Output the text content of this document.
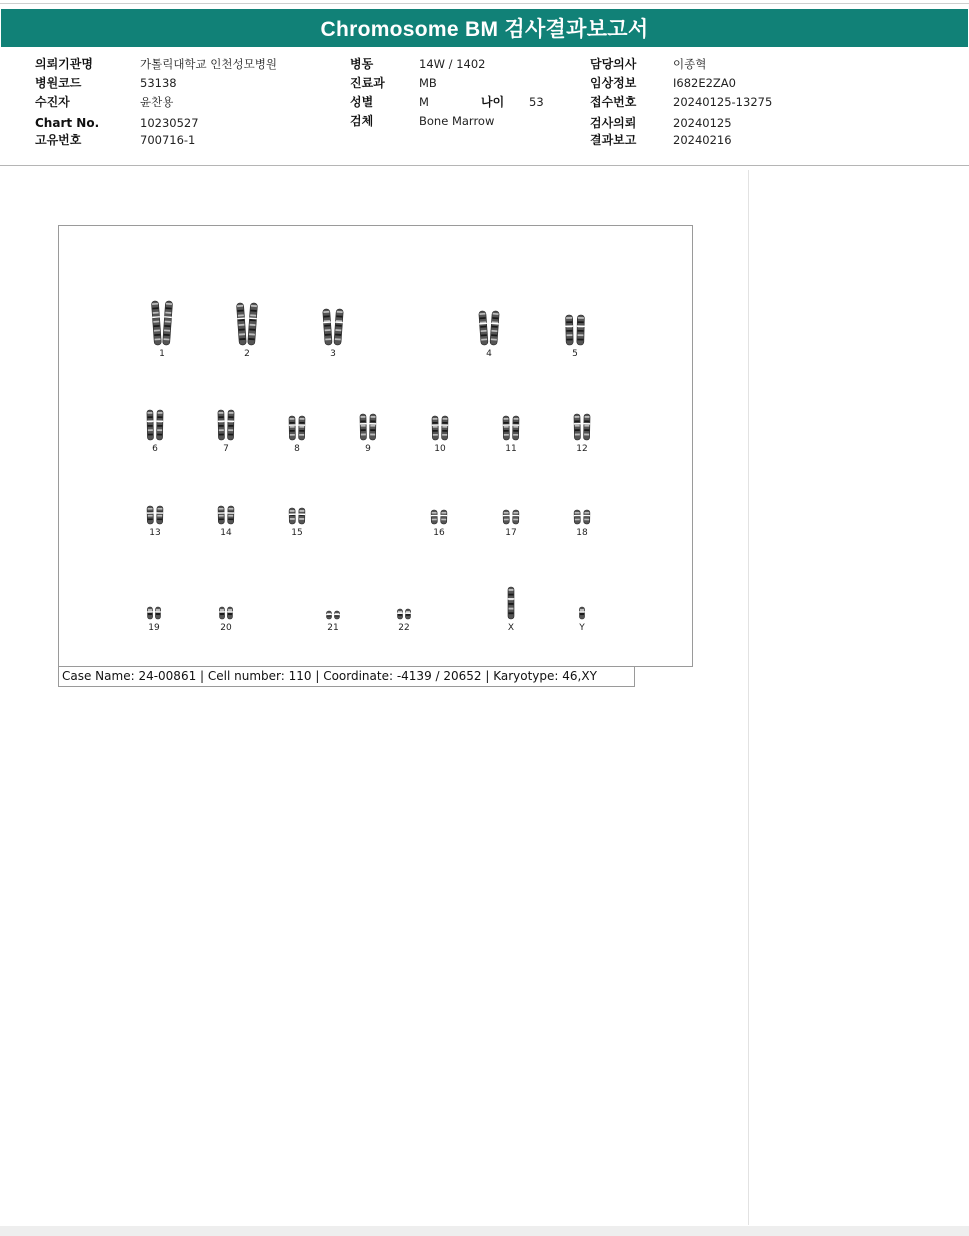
Chromosome BM 검사결과보고서
의뢰기관명	가톨릭대학교 인천성모병원
병원코드	53138
수진자	윤찬용
Chart No.	10230527
고유번호	700716-1
병동	14W / 1402
진료과	MB
성별	M	나이 53
검체	Bone Marrow
담당의사	이종혁
임상정보	I682E2ZA0
접수번호	20240125-13275
검사의뢰	20240125
결과보고	20240216
1	2	3	4	5
6	7	8	9	10	11	12
13	14	15	16	17	18
19	20	21	22	X	Y
Case Name: 24-00861 | Cell number: 110 | Coordinate: -4139 / 20652 | Karyotype: 46,XY
